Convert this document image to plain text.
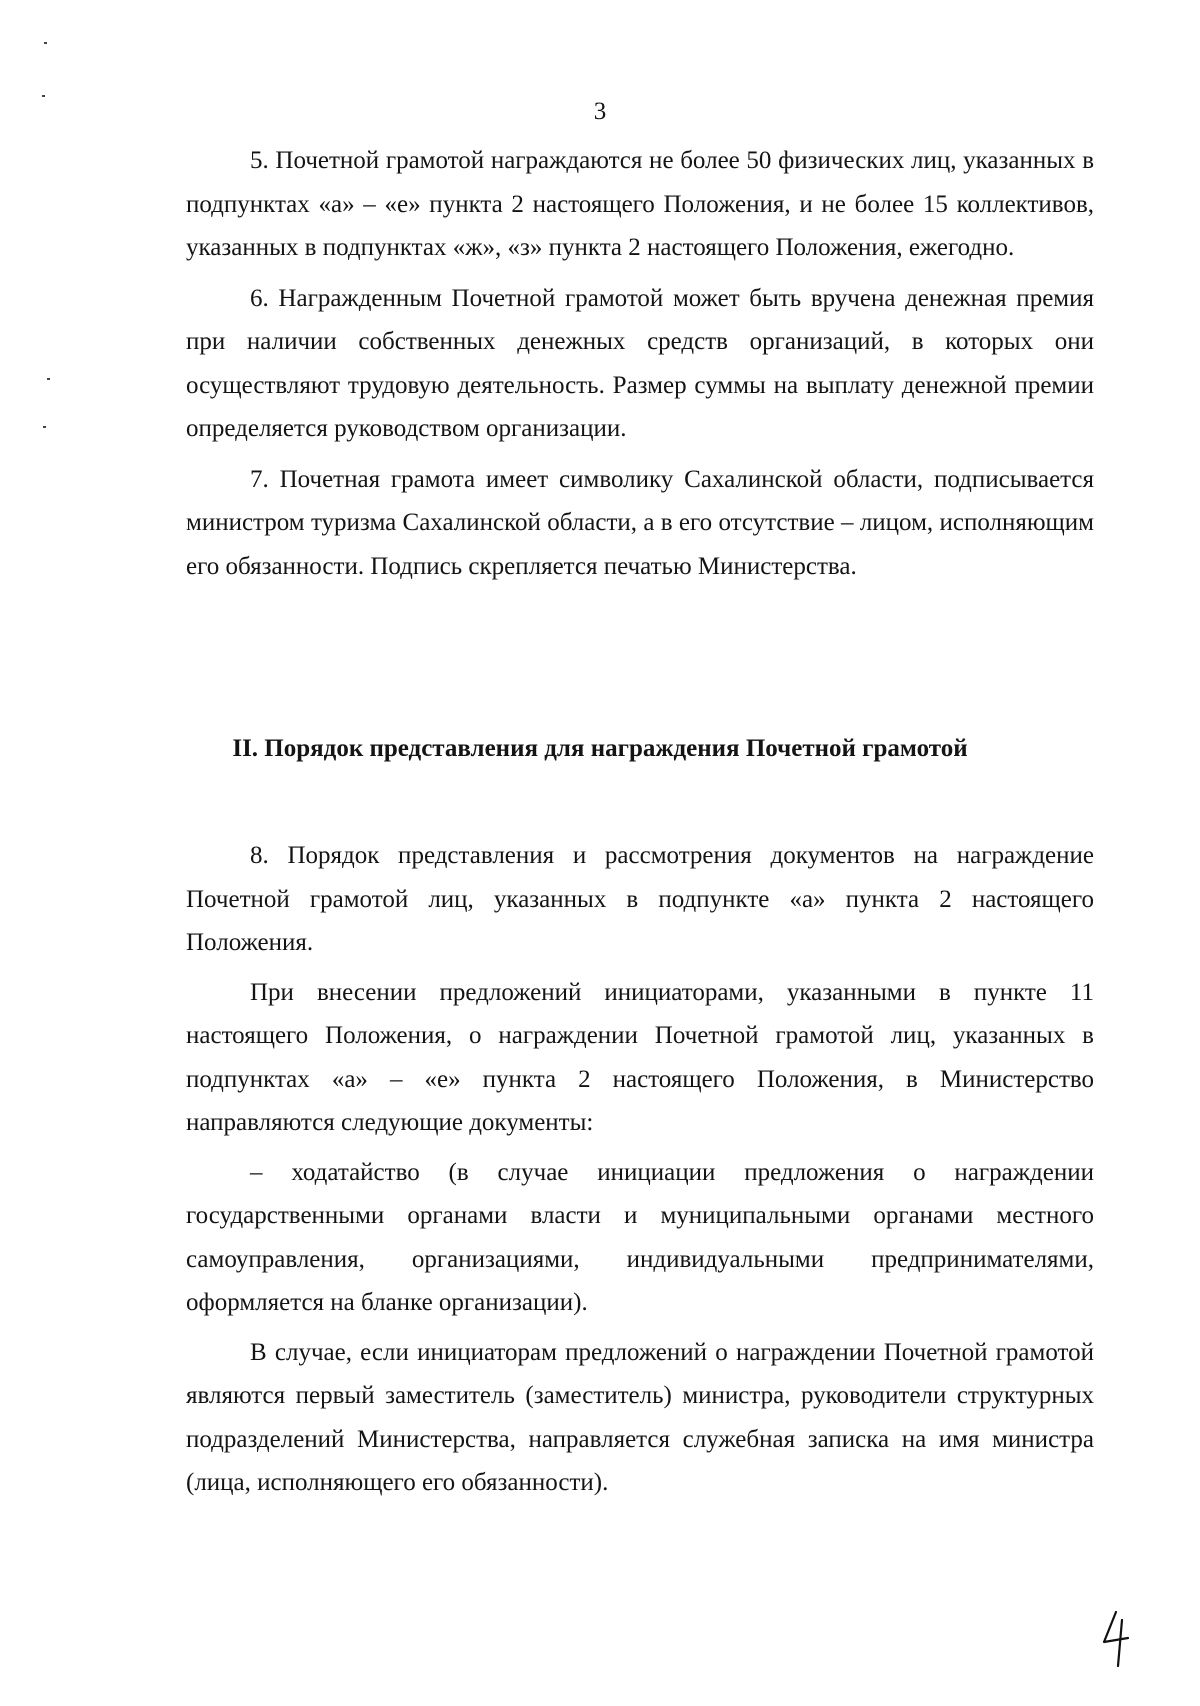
3

5. Почетной грамотой награждаются не более 50 физических лиц, указанных в подпунктах «а» – «е» пункта 2 настоящего Положения, и не более 15 коллективов, указанных в подпунктах «ж», «з» пункта 2 настоящего Положения, ежегодно.

6. Награжденным Почетной грамотой может быть вручена денежная премия при наличии собственных денежных средств организаций, в которых они осуществляют трудовую деятельность. Размер суммы на выплату денежной премии определяется руководством организации.

7. Почетная грамота имеет символику Сахалинской области, подписывается министром туризма Сахалинской области, а в его отсутствие – лицом, исполняющим его обязанности. Подпись скрепляется печатью Министерства.

II. Порядок представления для награждения Почетной грамотой

8. Порядок представления и рассмотрения документов на награждение Почетной грамотой лиц, указанных в подпункте «а» пункта 2 настоящего Положения.

При внесении предложений инициаторами, указанными в пункте 11 настоящего Положения, о награждении Почетной грамотой лиц, указанных в подпунктах «а» – «е» пункта 2 настоящего Положения, в Министерство направляются следующие документы:

– ходатайство (в случае инициации предложения о награждении государственными органами власти и муниципальными органами местного самоуправления, организациями, индивидуальными предпринимателями, оформляется на бланке организации).

В случае, если инициаторам предложений о награждении Почетной грамотой являются первый заместитель (заместитель) министра, руководители структурных подразделений Министерства, направляется служебная записка на имя министра (лица, исполняющего его обязанности).
